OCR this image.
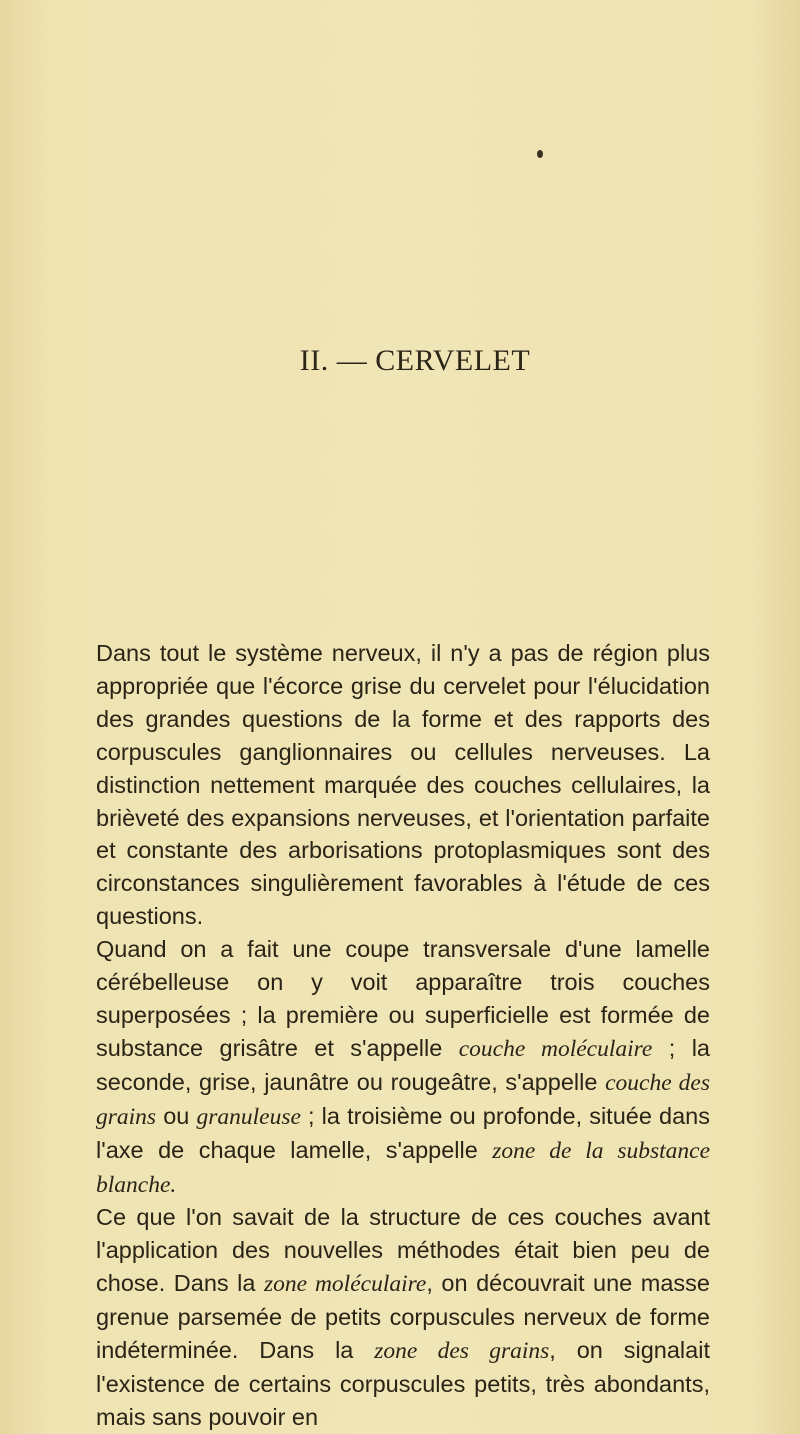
II. — CERVELET

Dans tout le système nerveux, il n'y a pas de région plus appropriée que l'écorce grise du cervelet pour l'élucidation des grandes questions de la forme et des rapports des corpuscules ganglionnaires ou cellules nerveuses. La distinction nettement marquée des couches cellulaires, la brièveté des expansions nerveuses, et l'orientation parfaite et constante des arborisations protoplasmiques sont des circonstances singulièrement favorables à l'étude de ces questions.

Quand on a fait une coupe transversale d'une lamelle cérébelleuse on y voit apparaître trois couches superposées ; la première ou superficielle est formée de substance grisâtre et s'appelle couche moléculaire ; la seconde, grise, jaunâtre ou rougeâtre, s'appelle couche des grains ou granuleuse ; la troisième ou profonde, située dans l'axe de chaque lamelle, s'appelle zone de la substance blanche.

Ce que l'on savait de la structure de ces couches avant l'application des nouvelles méthodes était bien peu de chose. Dans la zone moléculaire, on découvrait une masse grenue parsemée de petits corpuscules nerveux de forme indéterminée. Dans la zone des grains, on signalait l'existence de certains corpuscules petits, très abondants, mais sans pouvoir en
